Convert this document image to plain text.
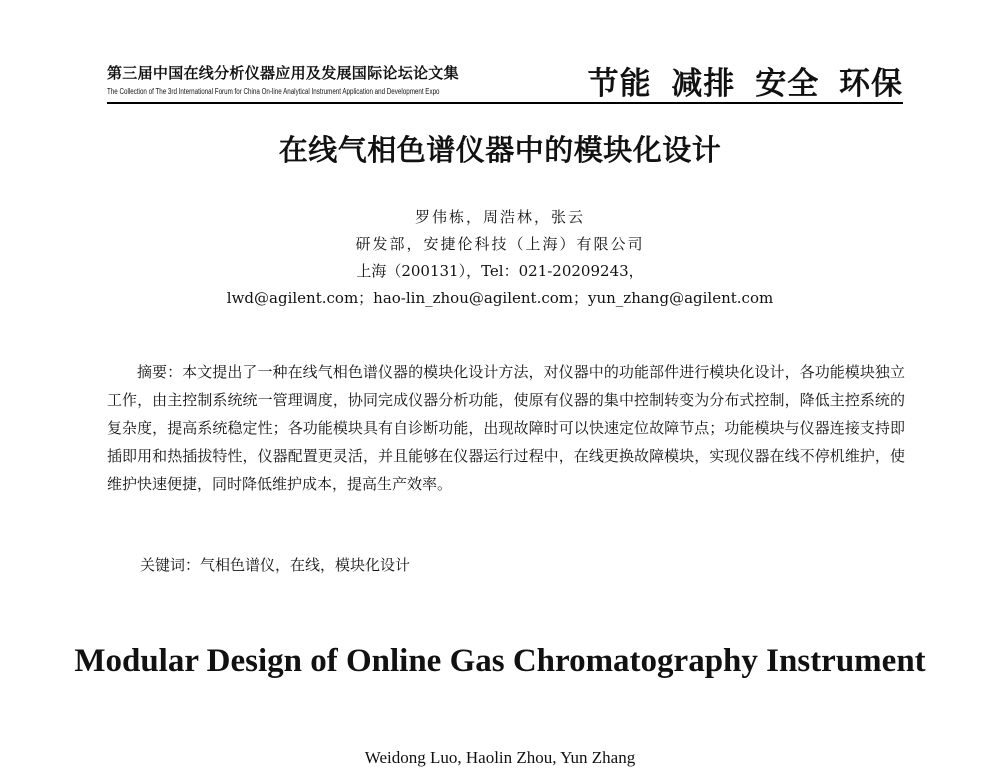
第三届中国在线分析仪器应用及发展国际论坛论文集
The Collection of The 3rd International Forum for China On-line Analytical Instrument Application and Development Expo	节能 减排 安全 环保
在线气相色谱仪器中的模块化设计
罗伟栋，周浩林，张云
研发部，安捷伦科技（上海）有限公司
上海（200131），Tel：021-20209243，
lwd@agilent.com；hao-lin_zhou@agilent.com；yun_zhang@agilent.com
摘要：本文提出了一种在线气相色谱仪器的模块化设计方法，对仪器中的功能部件进行模块化设计，各功能模块独立工作，由主控制系统统一管理调度，协同完成仪器分析功能，使原有仪器的集中控制转变为分布式控制，降低主控系统的复杂度，提高系统稳定性；各功能模块具有自诊断功能，出现故障时可以快速定位故障节点；功能模块与仪器连接支持即插即用和热插拔特性，仪器配置更灵活，并且能够在仪器运行过程中，在线更换故障模块，实现仪器在线不停机维护，使维护快速便捷，同时降低维护成本，提高生产效率。
关键词：气相色谱仪，在线，模块化设计
Modular Design of Online Gas Chromatography Instrument
Weidong Luo, Haolin Zhou, Yun Zhang
